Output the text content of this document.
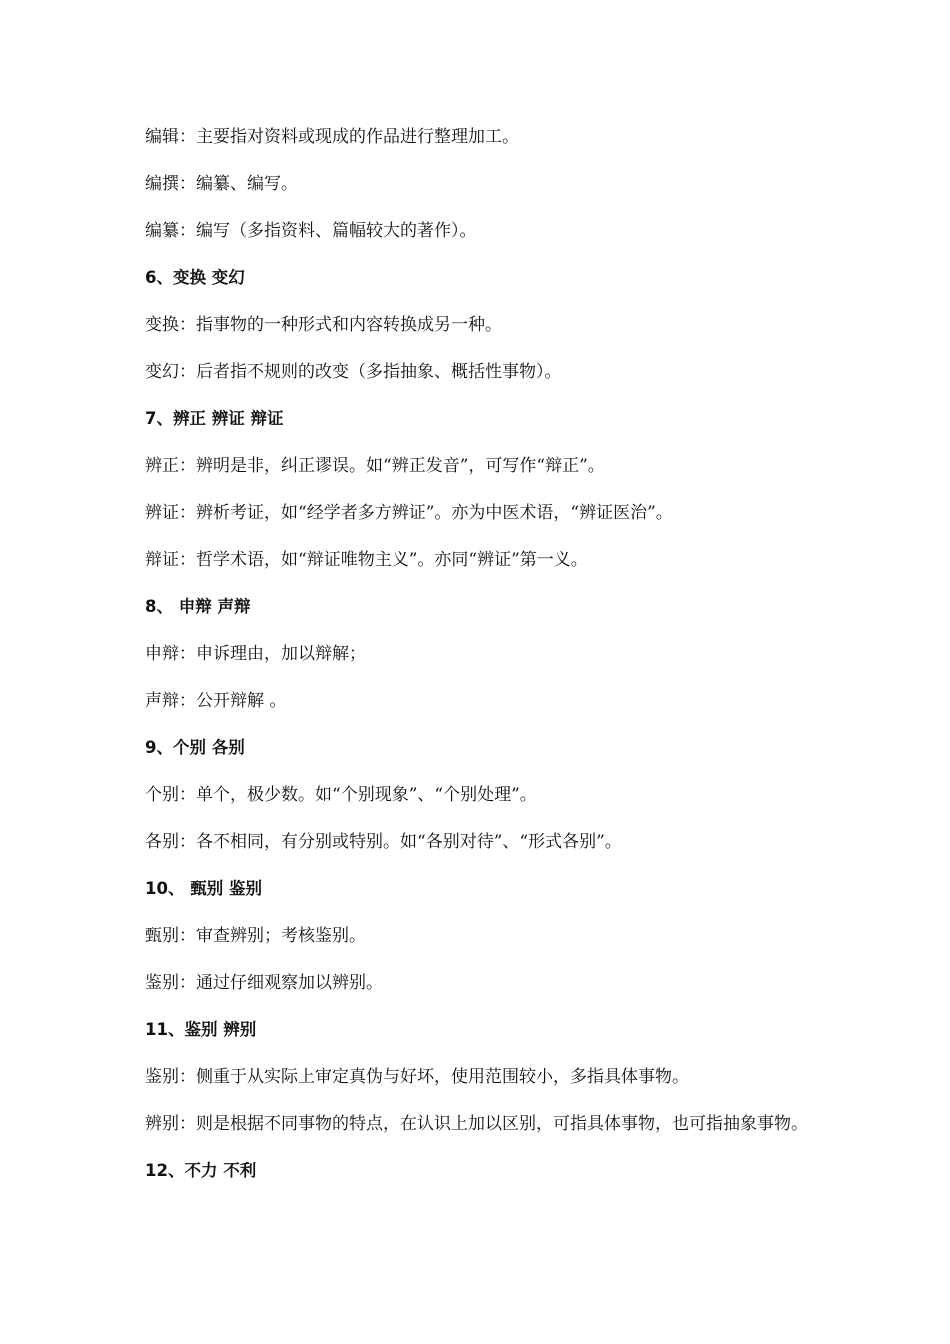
编辑：主要指对资料或现成的作品进行整理加工。

编撰：编纂、编写。

编纂：编写（多指资料、篇幅较大的著作）。

6、变换 变幻

变换：指事物的一种形式和内容转换成另一种。

变幻：后者指不规则的改变（多指抽象、概括性事物）。

7、辨正 辨证 辩证

辨正：辨明是非，纠正谬误。如“辨正发音”，可写作“辩正”。

辨证：辨析考证，如“经学者多方辨证”。亦为中医术语，“辨证医治”。

辩证：哲学术语，如“辩证唯物主义”。亦同“辨证”第一义。

8、 申辩 声辩

申辩：申诉理由，加以辩解；

声辩：公开辩解 。

9、个别 各别

个别：单个，极少数。如“个别现象”、“个别处理”。

各别：各不相同，有分别或特别。如“各别对待”、“形式各别”。

10、 甄别 鉴别

甄别：审查辨别；考核鉴别。

鉴别：通过仔细观察加以辨别。

11、鉴别 辨别

鉴别：侧重于从实际上审定真伪与好坏，使用范围较小，多指具体事物。

辨别：则是根据不同事物的特点，在认识上加以区别，可指具体事物，也可指抽象事物。

12、不力 不利
